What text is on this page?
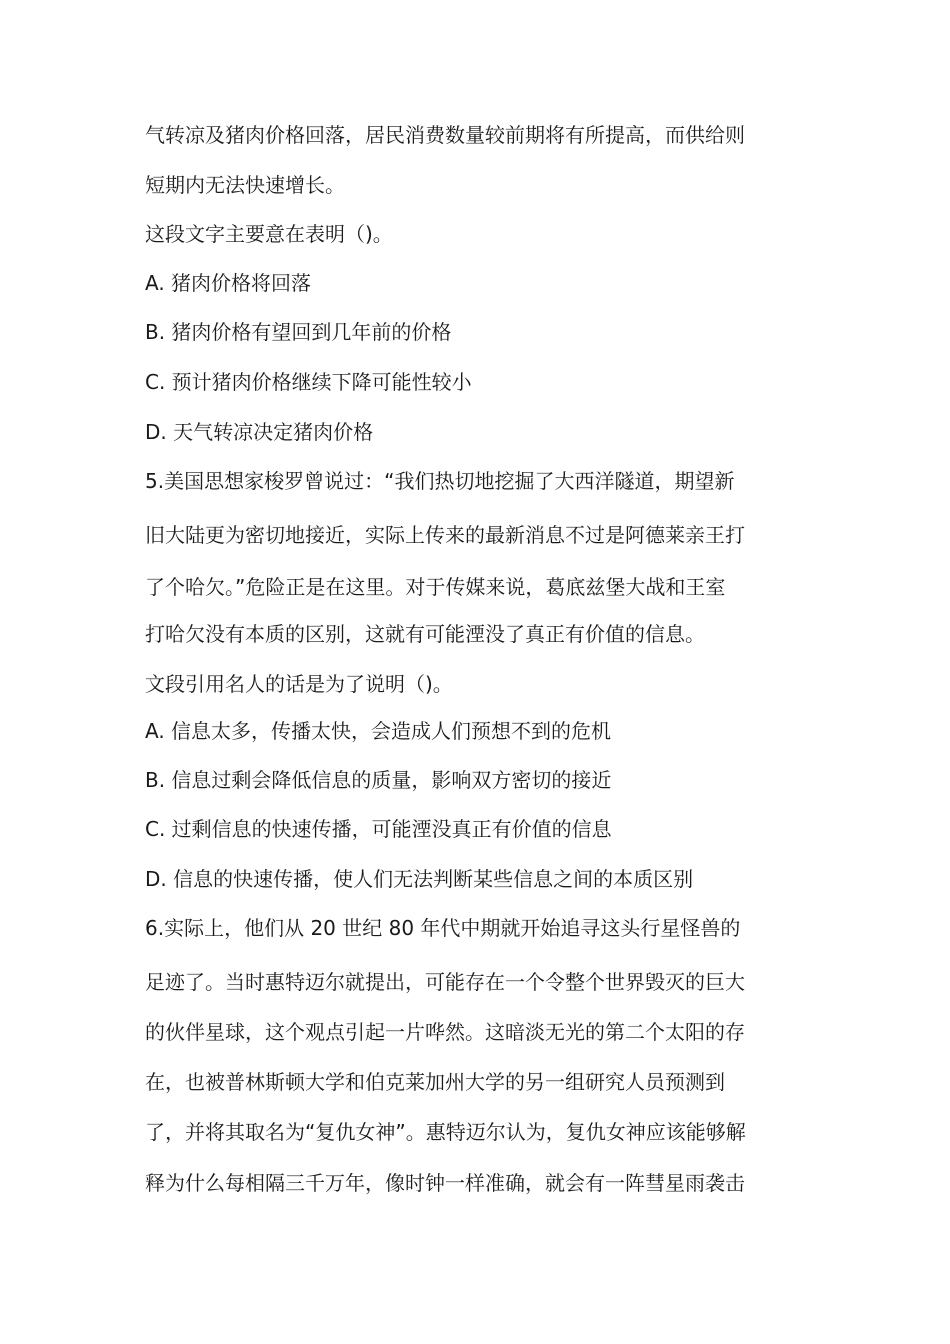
气转凉及猪肉价格回落，居民消费数量较前期将有所提高，而供给则
短期内无法快速增长。
这段文字主要意在表明（)。
A. 猪肉价格将回落
B. 猪肉价格有望回到几年前的价格
C. 预计猪肉价格继续下降可能性较小
D. 天气转凉决定猪肉价格
5.美国思想家梭罗曾说过：“我们热切地挖掘了大西洋隧道，期望新
旧大陆更为密切地接近，实际上传来的最新消息不过是阿德莱亲王打
了个哈欠。”危险正是在这里。对于传媒来说，葛底兹堡大战和王室
打哈欠没有本质的区别，这就有可能湮没了真正有价值的信息。
文段引用名人的话是为了说明（)。
A. 信息太多，传播太快，会造成人们预想不到的危机
B. 信息过剩会降低信息的质量，影响双方密切的接近
C. 过剩信息的快速传播，可能湮没真正有价值的信息
D. 信息的快速传播，使人们无法判断某些信息之间的本质区别
6.实际上，他们从 20 世纪 80 年代中期就开始追寻这头行星怪兽的
足迹了。当时惠特迈尔就提出，可能存在一个令整个世界毁灭的巨大
的伙伴星球，这个观点引起一片哗然。这暗淡无光的第二个太阳的存
在，也被普林斯顿大学和伯克莱加州大学的另一组研究人员预测到
了，并将其取名为“复仇女神”。惠特迈尔认为，复仇女神应该能够解
释为什么每相隔三千万年，像时钟一样准确，就会有一阵彗星雨袭击
